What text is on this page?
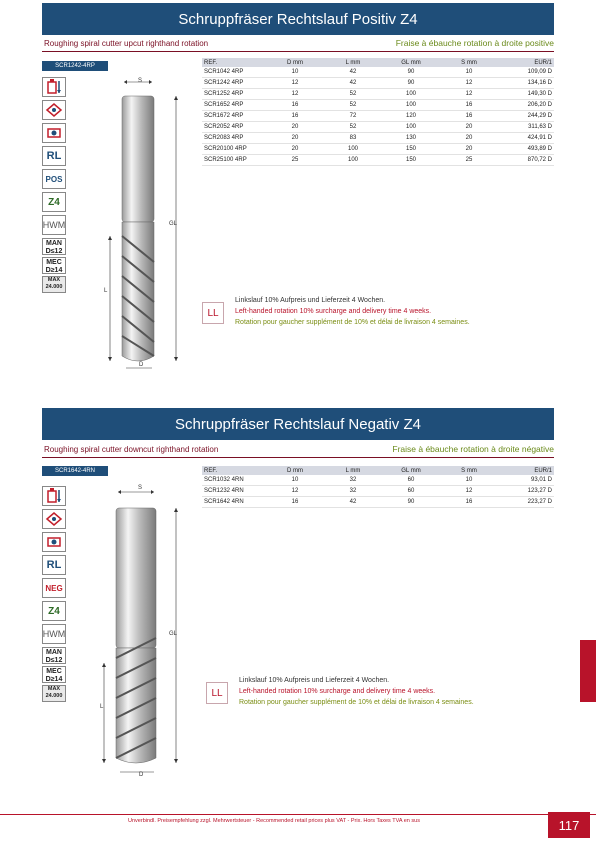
Schruppfräser Rechtslauf Positiv Z4
Roughing spiral cutter upcut righthand rotation	Fraise à ébauche rotation à droite positive
SCR1242-4RP
RL
POS
Z4
HWM
MAN
D≤12
MEC
D≥14
MAX
24.000
S
GL
L
D
REF.	D mm	L mm	GL mm	S mm	EUR/1
SCR1042 4RP	10	42	90	10	109,09 D
SCR1242 4RP	12	42	90	12	134,16 D
SCR1252 4RP	12	52	100	12	149,30 D
SCR1652 4RP	16	52	100	16	206,20 D
SCR1672 4RP	16	72	120	16	244,29 D
SCR2052 4RP	20	52	100	20	311,63 D
SCR2083 4RP	20	83	130	20	424,91 D
SCR20100 4RP	20	100	150	20	493,89 D
SCR25100 4RP	25	100	150	25	870,72 D
LL
Linkslauf 10% Aufpreis und Lieferzeit 4 Wochen.
Left-handed rotation 10% surcharge and delivery time 4 weeks.
Rotation pour gaucher supplément de 10% et délai de livraison 4 semaines.
Schruppfräser Rechtslauf Negativ Z4
Roughing spiral cutter downcut righthand rotation	Fraise à ébauche rotation à droite négative
SCR1642-4RN
RL
NEG
Z4
HWM
MAN
D≤12
MEC
D≥14
MAX
24.000
S
GL
L
D
REF.	D mm	L mm	GL mm	S mm	EUR/1
SCR1032 4RN	10	32	60	10	93,01 D
SCR1232 4RN	12	32	60	12	123,27 D
SCR1642 4RN	16	42	90	16	223,27 D
LL
Linkslauf 10% Aufpreis und Lieferzeit 4 Wochen.
Left-handed rotation 10% surcharge and delivery time 4 weeks.
Rotation pour gaucher supplément de 10% et délai de livraison 4 semaines.
Unverbindl. Preisempfehlung zzgl. Mehrwertsteuer - Recommended retail prices plus VAT - Prix. Hors Taxes TVA en sus	117
